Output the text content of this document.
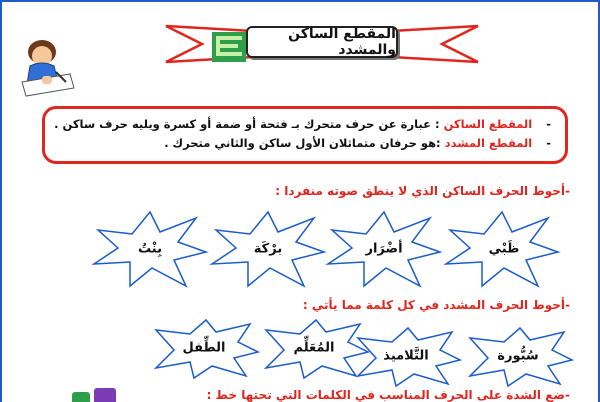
المقطع الساكن والمشدد
- المقطع الساكن : عبارة عن حرف متحرك بـ فتحة أو ضمة أو كسرة ويليه حرف ساكن .
- المقطع المشدد :هو حرفان متماثلان الأول ساكن والثاني متحرك .
-أحوط الحرف الساكن الذي لا ينطق صوته منفردا :
ظَبْي
أضْرَار
برْكَة
بِنْتُ
-أحوط الحرف المشدد في كل كلمة مما يأتي :
سُبُّورة
التَّلاميذ
المُعَلِّم
الطِّفل
-ضع الشدة على الحرف المناسب في الكلمات التي تحتها خط :
